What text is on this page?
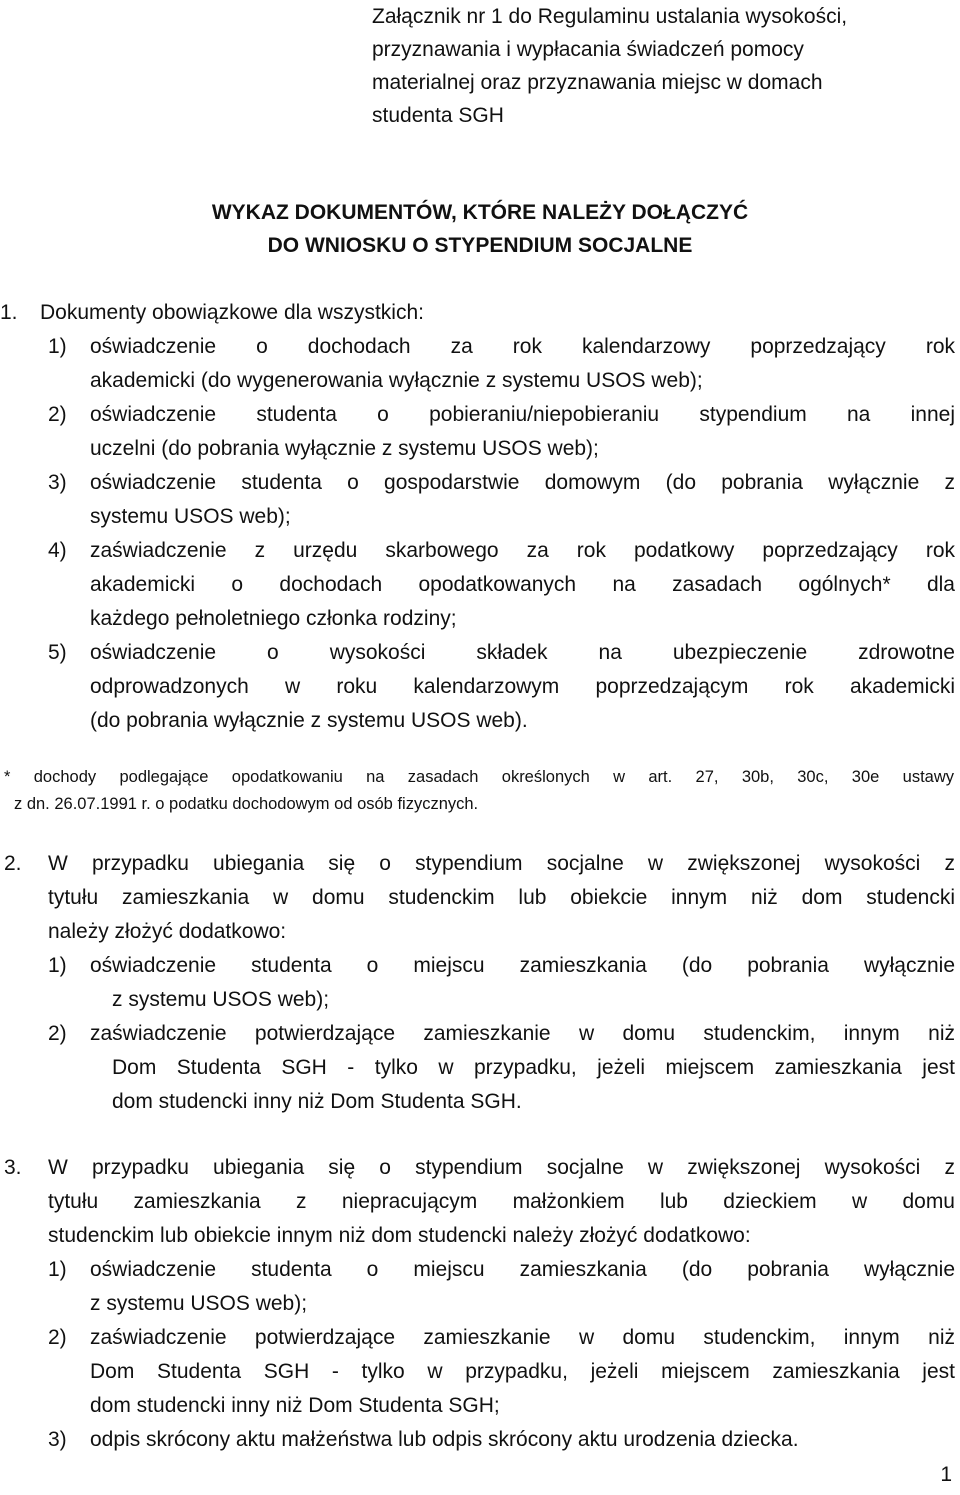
Załącznik nr 1 do Regulaminu ustalania wysokości,

przyznawania i wypłacania świadczeń pomocy

materialnej oraz przyznawania miejsc w domach

studenta SGH

WYKAZ DOKUMENTÓW, KTÓRE NALEŻY DOŁĄCZYĆ

DO WNIOSKU O STYPENDIUM SOCJALNE

1. Dokumenty obowiązkowe dla wszystkich:
1) oświadczenie o dochodach za rok kalendarzowy poprzedzający rok
akademicki (do wygenerowania wyłącznie z systemu USOS web);
2) oświadczenie studenta o pobieraniu/niepobieraniu stypendium na innej
uczelni (do pobrania wyłącznie z systemu USOS web);
3) oświadczenie studenta o gospodarstwie domowym (do pobrania wyłącznie z
systemu USOS web);
4) zaświadczenie z urzędu skarbowego za rok podatkowy poprzedzający rok
akademicki o dochodach opodatkowanych na zasadach ogólnych* dla
każdego pełnoletniego członka rodziny;
5) oświadczenie o wysokości składek na ubezpieczenie zdrowotne
odprowadzonych w roku kalendarzowym poprzedzającym rok akademicki
(do pobrania wyłącznie z systemu USOS web).
* dochody podlegające opodatkowaniu na zasadach określonych w art. 27, 30b, 30c, 30e ustawy
z dn. 26.07.1991 r. o podatku dochodowym od osób fizycznych.
2. W przypadku ubiegania się o stypendium socjalne w zwiększonej wysokości z
tytułu zamieszkania w domu studenckim lub obiekcie innym niż dom studencki
należy złożyć dodatkowo:
1) oświadczenie studenta o miejscu zamieszkania (do pobrania wyłącznie
z systemu USOS web);
2) zaświadczenie potwierdzające zamieszkanie w domu studenckim, innym niż
Dom Studenta SGH - tylko w przypadku, jeżeli miejscem zamieszkania jest
dom studencki inny niż Dom Studenta SGH.
3. W przypadku ubiegania się o stypendium socjalne w zwiększonej wysokości z
tytułu zamieszkania z niepracującym małżonkiem lub dzieckiem w domu
studenckim lub obiekcie innym niż dom studencki należy złożyć dodatkowo:
1) oświadczenie studenta o miejscu zamieszkania (do pobrania wyłącznie
z systemu USOS web);
2) zaświadczenie potwierdzające zamieszkanie w domu studenckim, innym niż
Dom Studenta SGH - tylko w przypadku, jeżeli miejscem zamieszkania jest
dom studencki inny niż Dom Studenta SGH;
3) odpis skrócony aktu małżeństwa lub odpis skrócony aktu urodzenia dziecka.
1
